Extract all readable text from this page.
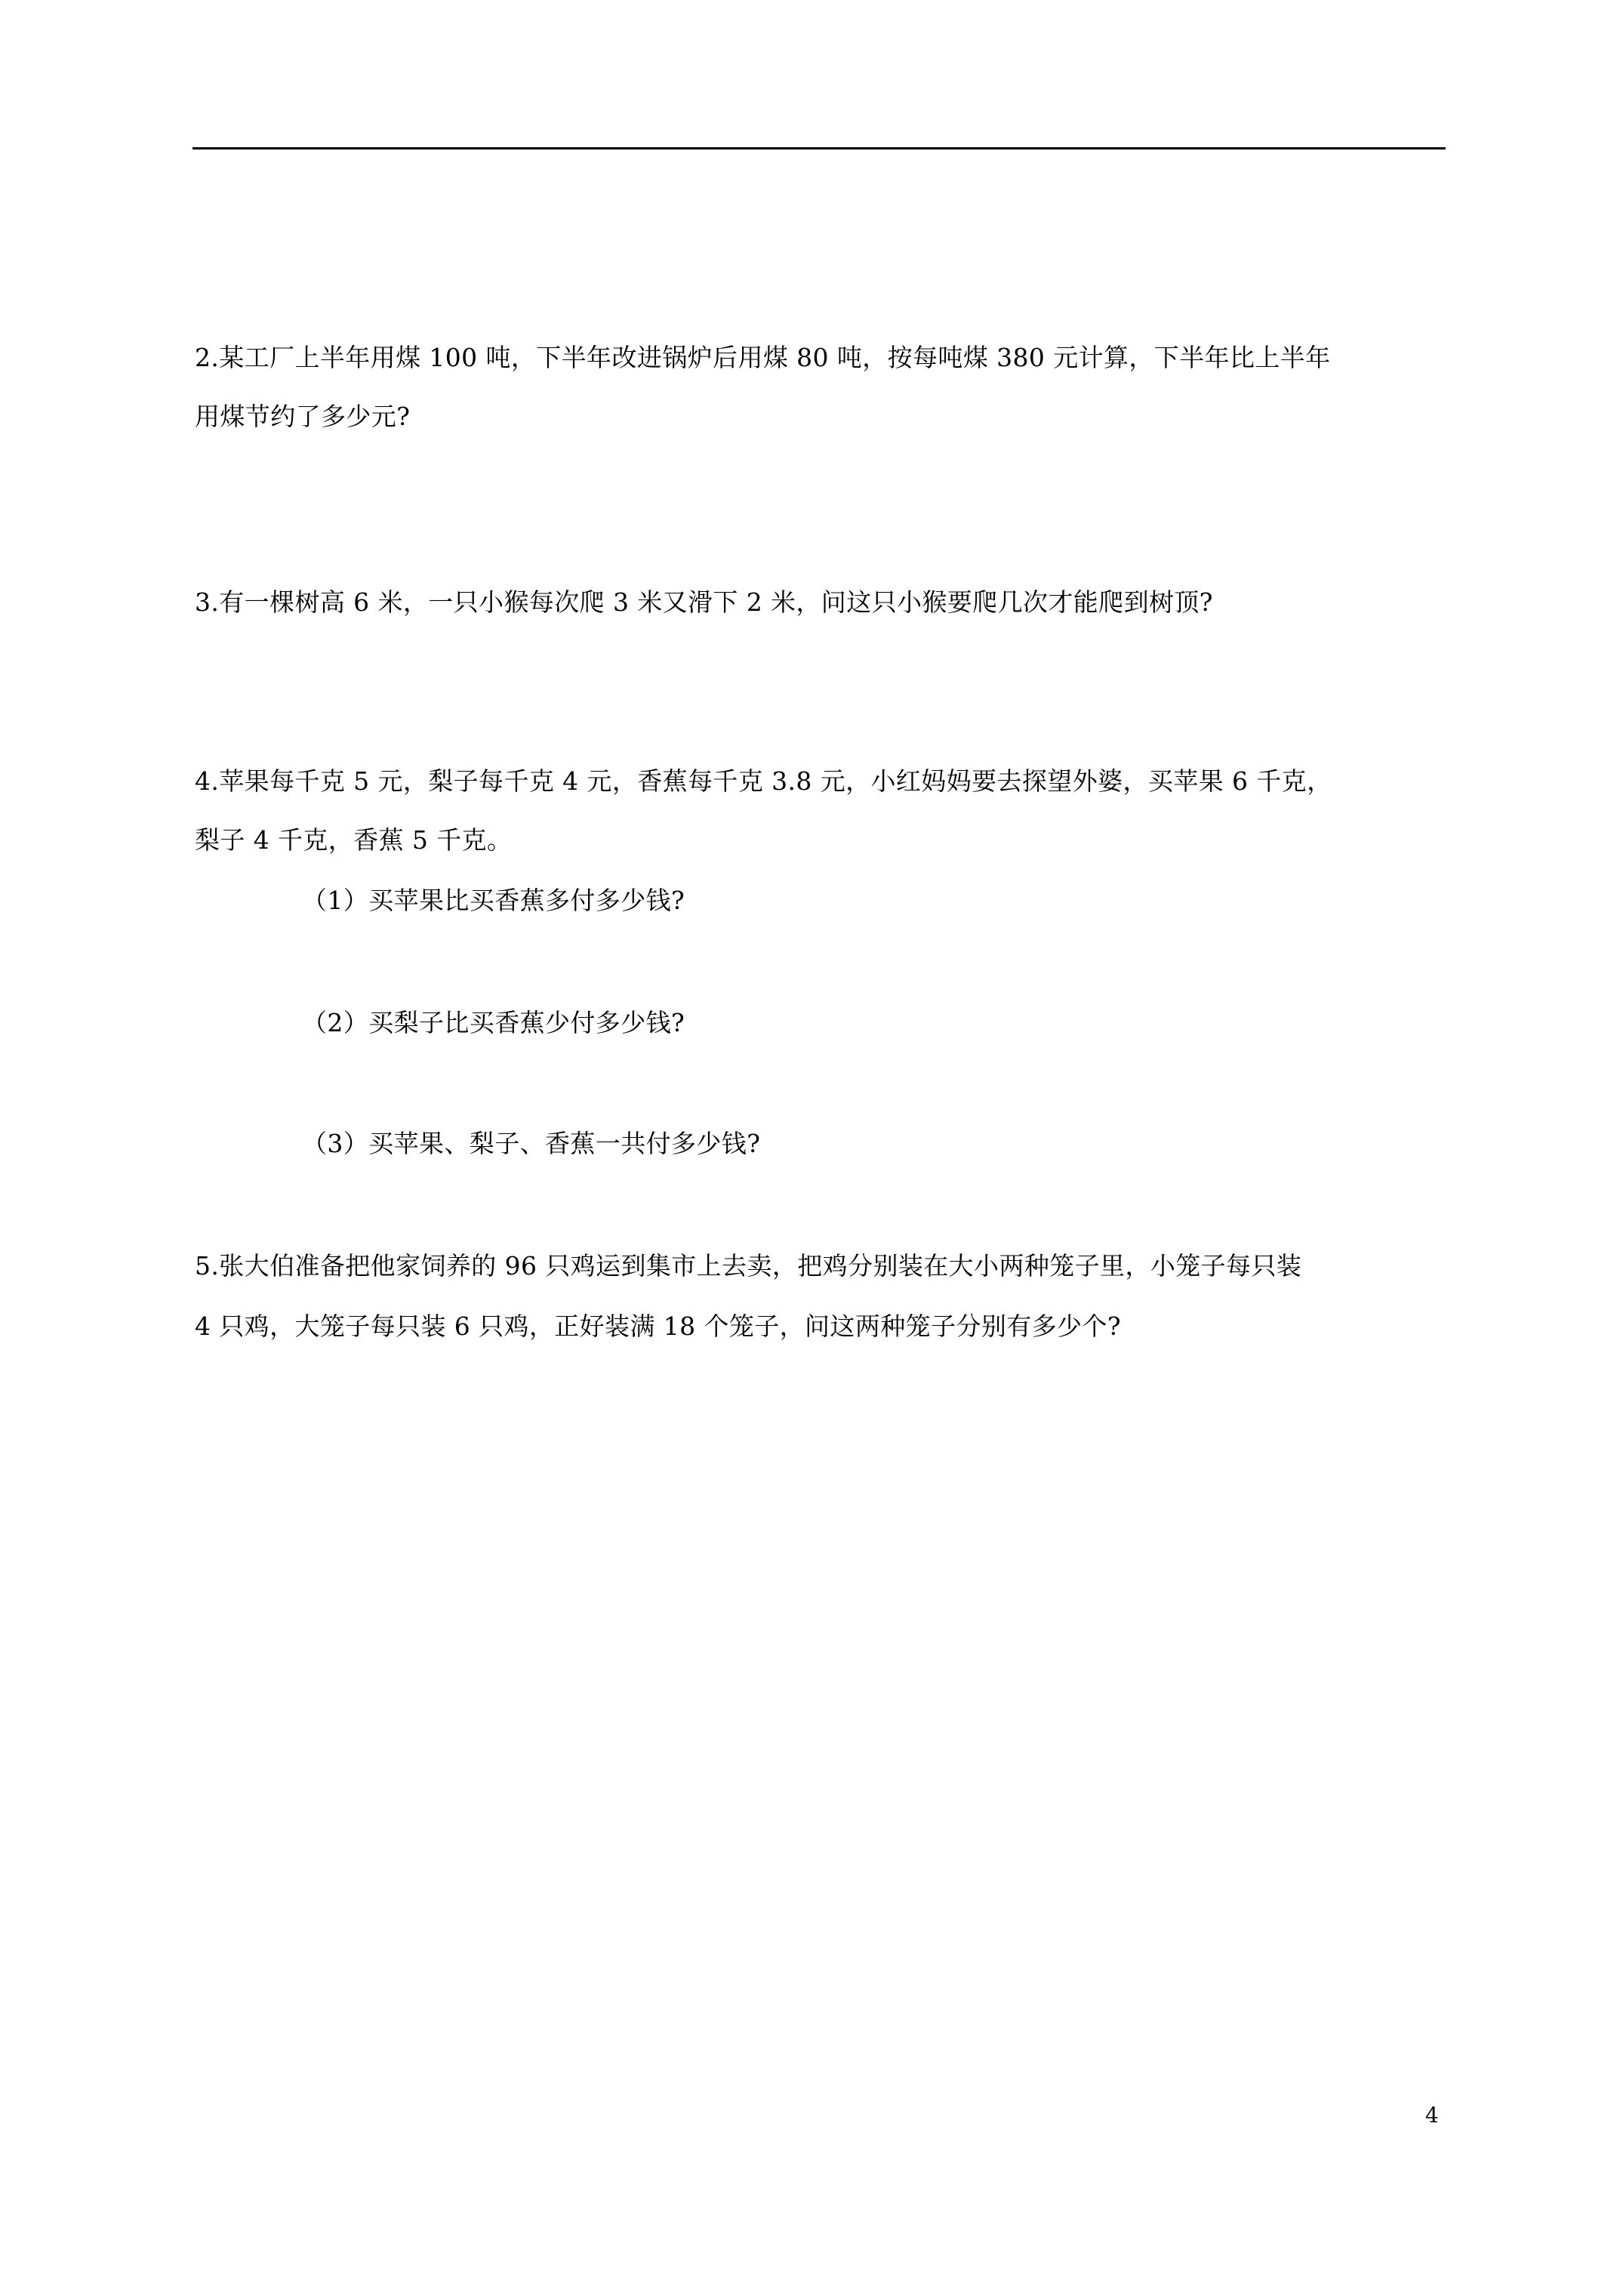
2.某工厂上半年用煤 100 吨，下半年改进锅炉后用煤 80 吨，按每吨煤 380 元计算，下半年比上半年
用煤节约了多少元?
3.有一棵树高 6 米，一只小猴每次爬 3 米又滑下 2 米，问这只小猴要爬几次才能爬到树顶?
4.苹果每千克 5 元，梨子每千克 4 元，香蕉每千克 3.8 元，小红妈妈要去探望外婆，买苹果 6 千克，
梨子 4 千克，香蕉 5 千克。
（1）买苹果比买香蕉多付多少钱?
（2）买梨子比买香蕉少付多少钱?
（3）买苹果、梨子、香蕉一共付多少钱?
5.张大伯准备把他家饲养的 96 只鸡运到集市上去卖，把鸡分别装在大小两种笼子里，小笼子每只装
4 只鸡，大笼子每只装 6 只鸡，正好装满 18 个笼子，问这两种笼子分别有多少个?
4
